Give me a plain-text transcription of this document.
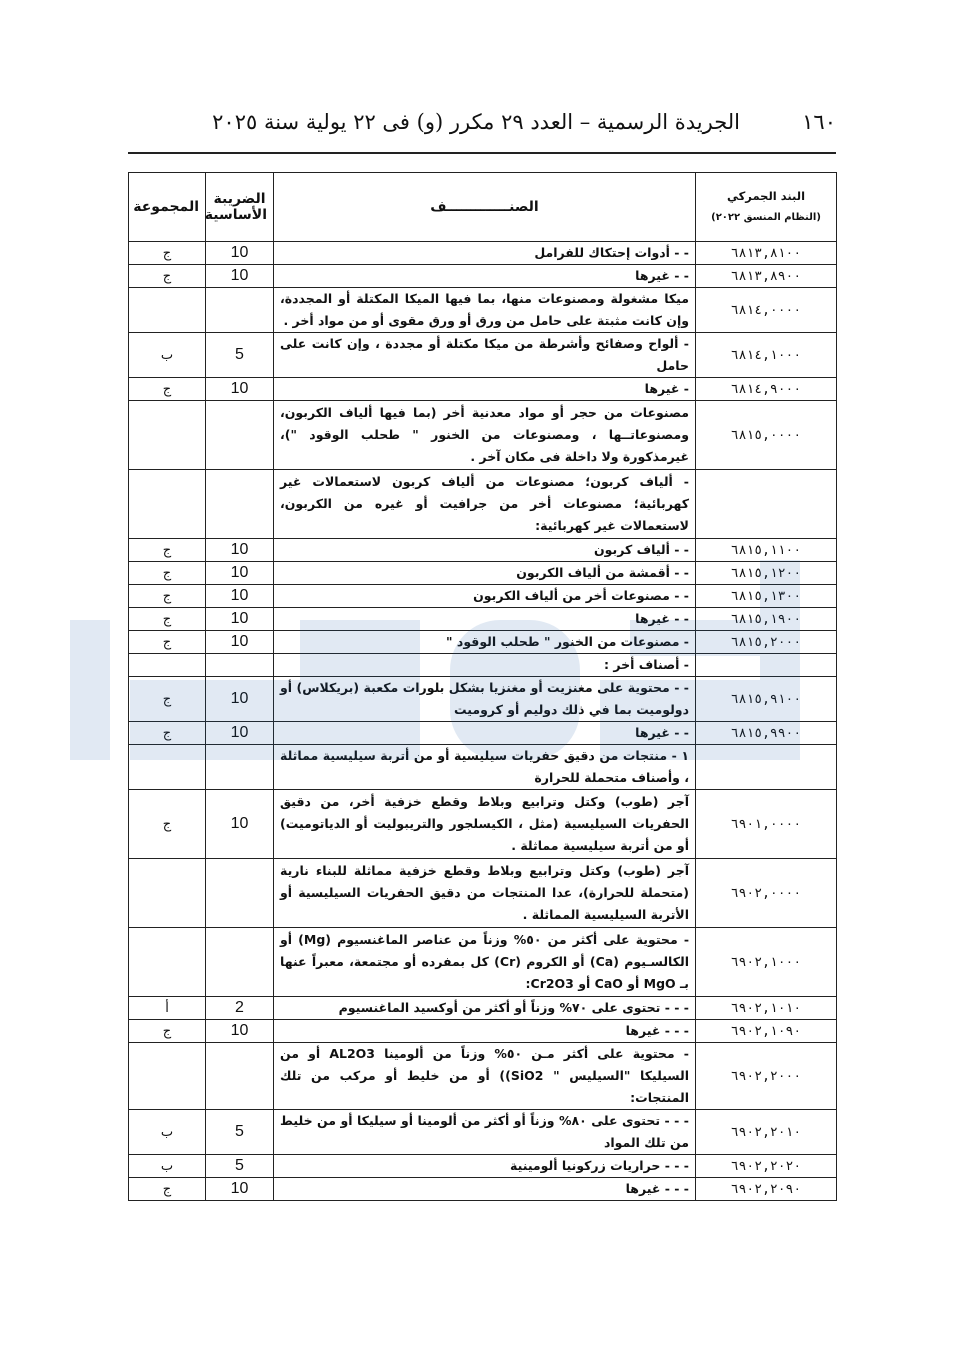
١٦٠
الجريدة الرسمية – العدد ٢٩ مكرر (و) فى ٢٢ يولية سنة ٢٠٢٥
البند الجمركي
(النظام المنسق ٢٠٢٢)	الصنـــــــــــــف	الضريبة الأساسية	المجموعة
٦٨١٣,٨١٠٠	- - أدوات إحتكاك للفرامل	10	ج
٦٨١٣,٨٩٠٠	- - غيرها	10	ج
٦٨١٤,٠٠٠٠	ميكا مشغولة ومصنوعات منها، بما فيها الميكا المكتلة أو المجددة، وإن كانت مثبتة على حامل من ورق أو ورق مقوى أو من مواد أخر .		
٦٨١٤,١٠٠٠	- ألواح وصفائح وأشرطة من ميكا مكتلة أو مجددة ، وإن كانت على حامل	5	ب
٦٨١٤,٩٠٠٠	- غيرها	10	ج
٦٨١٥,٠٠٠٠	مصنوعات من حجر أو مواد معدنية أخر (بما فيها ألياف الكربون، ومصنوعاتــها ، ومصنوعات من الخنور " طحلب الوقود ")، غيرمذكورة ولا داخلة فى مكان آخر .		
	- ألياف كربون؛ مصنوعات من ألياف كربون لاستعمالات غير كهربائية؛ مصنوعات أخر من جرافيت أو غيره من الكربون، لاستعمالات غير كهربائية:		
٦٨١٥,١١٠٠	- - ألياف كربون	10	ج
٦٨١٥,١٢٠٠	- - أقمشة من ألياف الكربون	10	ج
٦٨١٥,١٣٠٠	- - مصنوعات أخر من ألياف الكربون	10	ج
٦٨١٥,١٩٠٠	- - غيرها	10	ج
٦٨١٥,٢٠٠٠	- مصنوعات من الخنور " طحلب الوقود "	10	ج
	- أصناف أخر :		
٦٨١٥,٩١٠٠	- - محتوية على مغنزيت أو مغنزيا بشكل بلورات مكعبة (بريكلاس) أو دولوميت بما في ذلك دوليم أو كروميت	10	ج
٦٨١٥,٩٩٠٠	- - غيرها	10	ج
	١ - منتجات من دقيق حفريات سيليسية أو من أتربة سيليسية مماثلة ، وأصناف متحملة للحرارة		
٦٩٠١,٠٠٠٠	آجر (طوب) وكتل وترابيع وبلاط وقطع خزفية أخر، من دقيق الحفريات السيليسية (مثل ، الكيسلجور والتريبوليت أو الدياتوميت) أو من أتربة سيليسية مماثلة .	10	ج
٦٩٠٢,٠٠٠٠	آجر (طوب) وكتل وترابيع وبلاط وقطع خزفية مماثلة للبناء نارية (متحملة للحرارة)، عدا المنتجات من دقيق الحفريات السيليسية أو الأتربة السيليسية المماثلة .		
٦٩٠٢,١٠٠٠	- محتوية على أكثر من ٥٠% وزناً من عناصر الماغنسيوم (Mg) أو الكالسـيوم (Ca) أو الكروم (Cr) كل بمفرده أو مجتمعة، معبراً عنها بـ MgO أو CaO أو Cr2O3:		
٦٩٠٢,١٠١٠	- - - تحتوى على ٧٠% وزناً أو أكثر من أوكسيد الماغنسيوم	2	أ
٦٩٠٢,١٠٩٠	- - - غيرها	10	ج
٦٩٠٢,٢٠٠٠	- محتوية على أكثر مـن ٥٠% وزناً من ألومينا AL2O3 أو من السيليكا "السيليس " SiO2)) أو من خليط أو مركب من تلك المنتجات:		
٦٩٠٢,٢٠١٠	- - - تحتوى على ٨٠% وزناً أو أكثر من ألومينا أو سيليكا أو من خليط من تلك المواد	5	ب
٦٩٠٢,٢٠٢٠	- - - حراريات زركونيا ألومينية	5	ب
٦٩٠٢,٢٠٩٠	- - - غيرها	10	ج
